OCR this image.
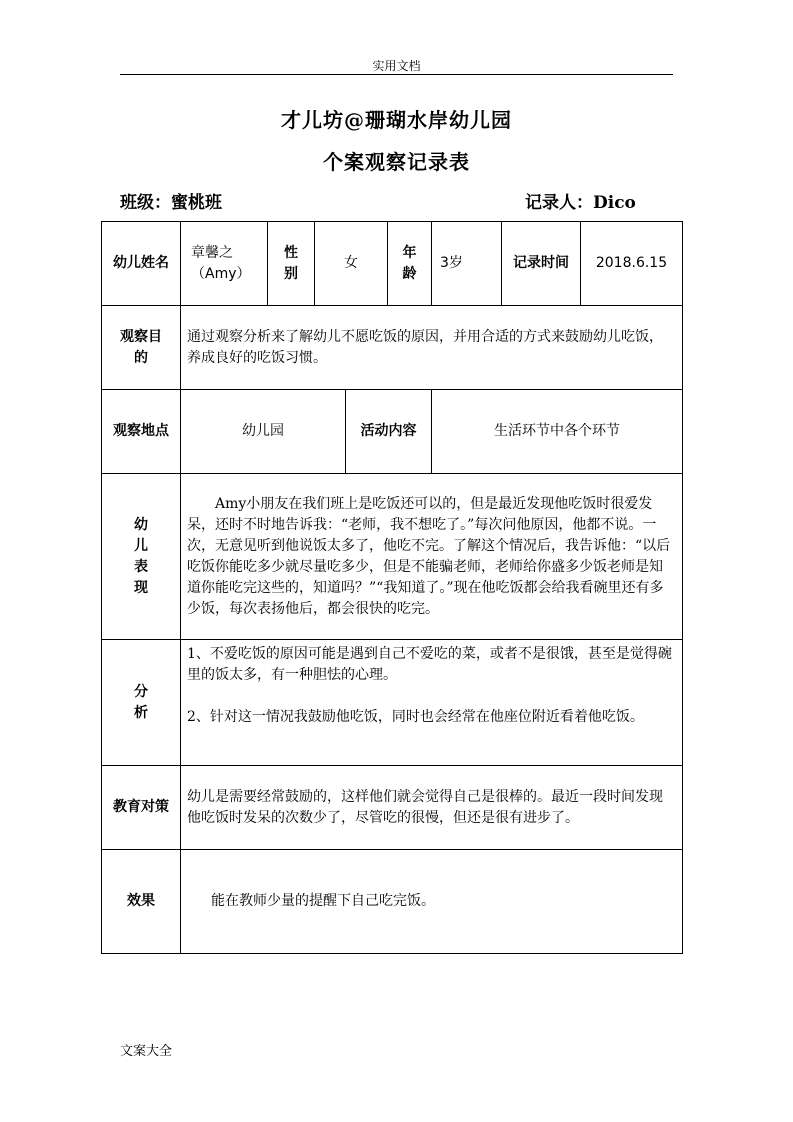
实用文档
才儿坊@珊瑚水岸幼儿园
个案观察记录表
班级：蜜桃班	记录人：Dico
幼儿姓名	章馨之（Amy）	性别	女		年龄	3岁	记录时间	2018.6.15
观察目的	通过观察分析来了解幼儿不愿吃饭的原因，并用合适的方式来鼓励幼儿吃饭，养成良好的吃饭习惯。							
观察地点	幼儿园			活动内容		生活环节中各个环节		
幼儿表现	Amy小朋友在我们班上是吃饭还可以的，但是最近发现他吃饭时很爱发呆，还时不时地告诉我：“老师，我不想吃了。”每次问他原因，他都不说。一次，无意见听到他说饭太多了，他吃不完。了解这个情况后，我告诉他：“以后吃饭你能吃多少就尽量吃多少，但是不能骗老师，老师给你盛多少饭老师是知道你能吃完这些的，知道吗？”“我知道了。”现在他吃饭都会给我看碗里还有多少饭，每次表扬他后，都会很快的吃完。							

分析	1、不爱吃饭的原因可能是遇到自己不爱吃的菜，或者不是很饿，甚至是觉得碗里的饭太多，有一种胆怯的心理。

2、针对这一情况我鼓励他吃饭，同时也会经常在他座位附近看着他吃饭。							

教育对策	幼儿是需要经常鼓励的，这样他们就会觉得自己是很棒的。最近一段时间发现他吃饭时发呆的次数少了，尽管吃的很慢，但还是很有进步了。							
效果	能在教师少量的提醒下自己吃完饭。							
文案大全
